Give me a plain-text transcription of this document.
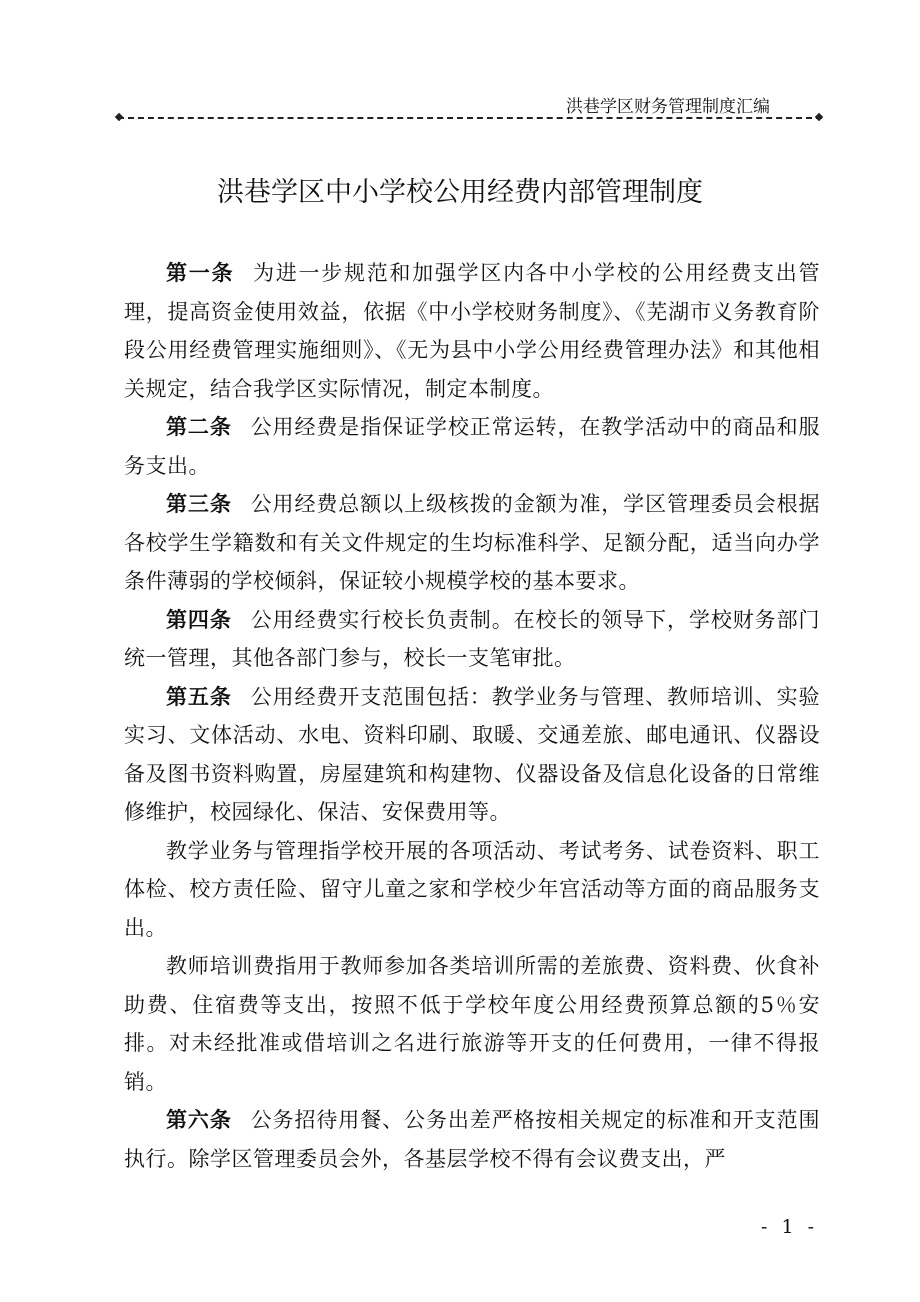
洪巷学区财务管理制度汇编
洪巷学区中小学校公用经费内部管理制度

第一条 为进一步规范和加强学区内各中小学校的公用经费支出管理，提高资金使用效益，依据《中小学校财务制度》、《芜湖市义务教育阶段公用经费管理实施细则》、《无为县中小学公用经费管理办法》和其他相关规定，结合我学区实际情况，制定本制度。

第二条 公用经费是指保证学校正常运转，在教学活动中的商品和服务支出。

第三条 公用经费总额以上级核拨的金额为准，学区管理委员会根据各校学生学籍数和有关文件规定的生均标准科学、足额分配，适当向办学条件薄弱的学校倾斜，保证较小规模学校的基本要求。

第四条 公用经费实行校长负责制。在校长的领导下，学校财务部门统一管理，其他各部门参与，校长一支笔审批。

第五条 公用经费开支范围包括：教学业务与管理、教师培训、实验实习、文体活动、水电、资料印刷、取暖、交通差旅、邮电通讯、仪器设备及图书资料购置，房屋建筑和构建物、仪器设备及信息化设备的日常维修维护，校园绿化、保洁、安保费用等。

教学业务与管理指学校开展的各项活动、考试考务、试卷资料、职工体检、校方责任险、留守儿童之家和学校少年宫活动等方面的商品服务支出。

教师培训费指用于教师参加各类培训所需的差旅费、资料费、伙食补助费、住宿费等支出，按照不低于学校年度公用经费预算总额的5％安排。对未经批准或借培训之名进行旅游等开支的任何费用，一律不得报销。

第六条 公务招待用餐、公务出差严格按相关规定的标准和开支范围执行。除学区管理委员会外，各基层学校不得有会议费支出，严

- 1 -
